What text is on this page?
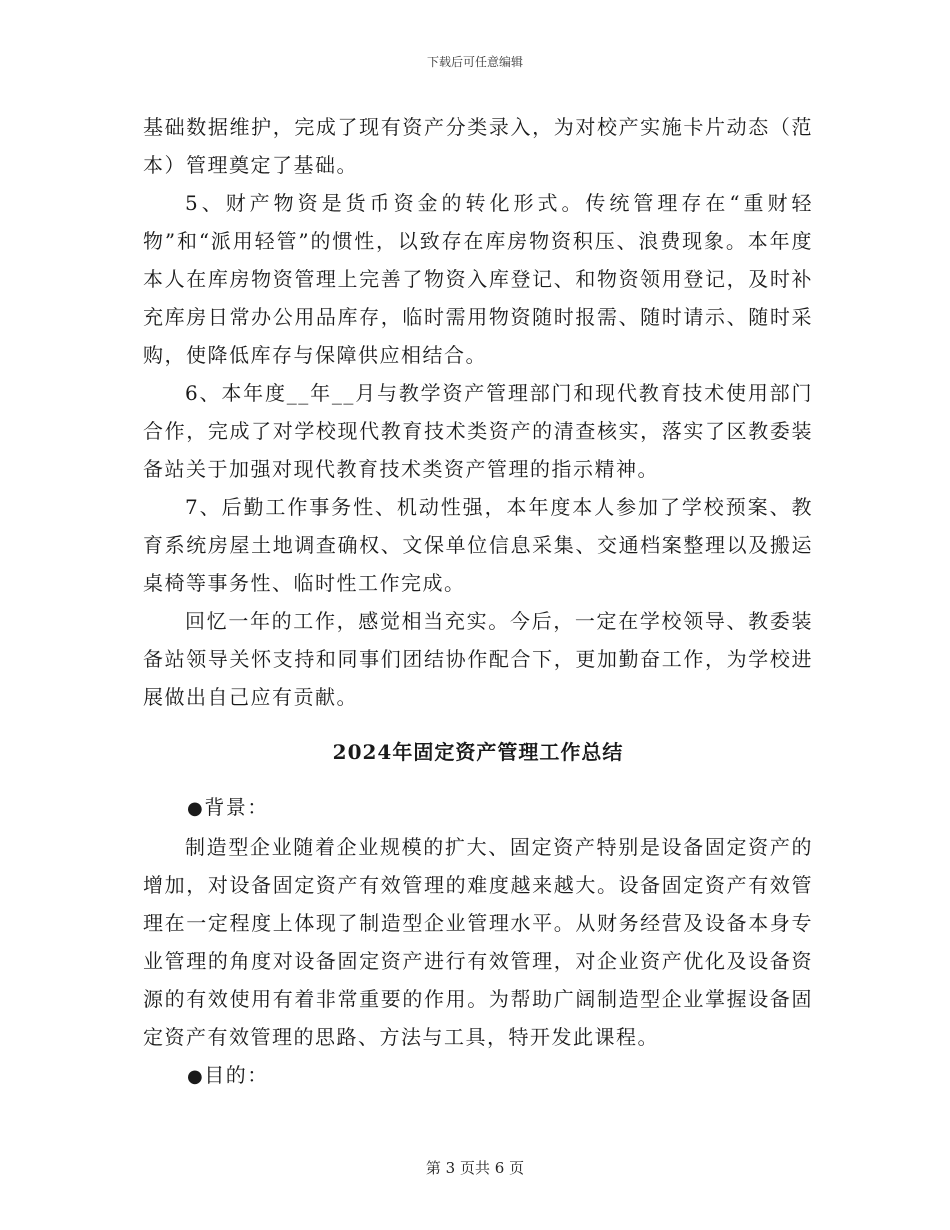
下载后可任意编辑

基础数据维护，完成了现有资产分类录入，为对校产实施卡片动态（范本）管理奠定了基础。

5、财产物资是货币资金的转化形式。传统管理存在“重财轻物”和“派用轻管”的惯性，以致存在库房物资积压、浪费现象。本年度本人在库房物资管理上完善了物资入库登记、和物资领用登记，及时补充库房日常办公用品库存，临时需用物资随时报需、随时请示、随时采购，使降低库存与保障供应相结合。

6、本年度__年__月与教学资产管理部门和现代教育技术使用部门合作，完成了对学校现代教育技术类资产的清查核实，落实了区教委装备站关于加强对现代教育技术类资产管理的指示精神。

7、后勤工作事务性、机动性强，本年度本人参加了学校预案、教育系统房屋土地调查确权、文保单位信息采集、交通档案整理以及搬运桌椅等事务性、临时性工作完成。

回忆一年的工作，感觉相当充实。今后，一定在学校领导、教委装备站领导关怀支持和同事们团结协作配合下，更加勤奋工作，为学校进展做出自己应有贡献。

2024年固定资产管理工作总结

●背景：

制造型企业随着企业规模的扩大、固定资产特别是设备固定资产的增加，对设备固定资产有效管理的难度越来越大。设备固定资产有效管理在一定程度上体现了制造型企业管理水平。从财务经营及设备本身专业管理的角度对设备固定资产进行有效管理，对企业资产优化及设备资源的有效使用有着非常重要的作用。为帮助广阔制造型企业掌握设备固定资产有效管理的思路、方法与工具，特开发此课程。

●目的：

第 3 页共 6 页
